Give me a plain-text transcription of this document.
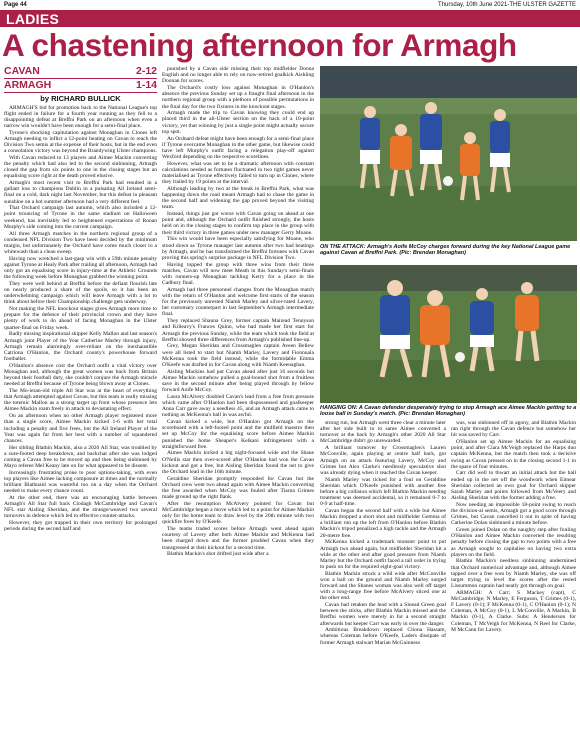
Page 44	Thursday, 10th June 2021-THE ULSTER GAZETTE
LADIES
A chastening afternoon for Armagh
CAVAN	2-12
ARMAGH	1-14
by RICHARD BULLICK

ARMAGH'S bid for promotion back to the National League's top flight ended in failure for a fourth year running as they fell to a disappointing defeat at Breffni Park on an afternoon when even a narrow win wouldn't have been enough for a semi-final place.

Tyrone's shocking capitulation against Monaghan in Clones left Armagh needing to inflict a 12-point beating on Cavan to reach the Division Two semis at the expense of their hosts, but in the end even a consolation victory was beyond the Brandywing Ulster champions.

With Cavan reduced to 13 players and Aimee Mackin converting the penalty which had also led to the second sinbinning, Armagh closed the gap from six points to one in the closing stages but an equalising score right at the death proved elusive.

Armagh's most recent visit to Breffni Park had resulted in a gallant loss to champions Dublin in a pulsating All Ireland semi-final on a cold, dark night last November, but this defeat in pleasant sunshine on a hot summer afternoon had a very different feel.

That Orchard campaign last autumn, which also included a 12-point trouncing of Tyrone in the same stadium on Halloween weekend, has inevitably led to heightened expectations of Ronan Murphy's side coming into the current campaign.

All three Armagh matches in the northern regional group of a condensed NFL Division Two have been decided by the minimum margin, but unfortunately the Orchard have come much closer to a whitewash than a clean sweep.

Having now wretched a last-gasp win with a 59th minute penalty against Tyrone at Healy Park after trailing all afternoon, Armagh had only got an equalising score in injury-time at the Athletic Grounds the following week before Monaghan grabbed the winning point.

They were well behind at Breffni before the defiant flourish late on nearly produced a share of the spoils, so it has been an underwhelming campaign which will leave Armagh with a lot to think about before their Championship challenge gets underway.

Not making the NFL knockout stages gives Armagh more time to prepare for the defence of their provincial crown and they have plenty of work to do ahead of facing Monaghan in the Ulster quarter-final on Friday week.

Badly missing inspirational skipper Kelly Mallon and last season's Armagh joint Player of the Year Catherine Marley through injury, Armagh remain alarmingly over-reliant on the inexhaustible Catríona O'Hanlon, the Orchard county's powerhouse forward footballer.

O'Hanlon's absence cost the Orchard outfit a vital victory over Monaghan and, although the great women was back from Britain beyond their football duty, she couldn't conjure the Armagh miracle needed at Breffni because of Tyrone being blown away at Clones.

The Mo-ieran-old triple All Star was at the heart of everything that Armagh attempted against Cavan, but this team is really missing the totemic Mallon as a strong target up front whose presence lets Aimee Mackin roam freely in attack to devastating effect.

On an afternoon when no other Armagh player registered more than a single score, Aimee Mackin kicked 1-6 with her total including a penalty and five frees, but the All Ireland Player of the Year was again far from her best with a number of squandered chances.

Her sibling Blathin Mackin, also a 2020 All Star, was troubled by a sure-footed deep breakdown, and backchat after she was lodged coming a Cavan free to be moved up and then being sinbinned by Mayo referee Mel Keany late on for what appeared to be dissent.

Increasingly frustrating prone to poor options-taking, with even top players like Aimee lacking composure at times and the normally brilliant Blathnaid was wasteful too on a day when the Orchard needed to make every chance count.

At the other end, there was an encouraging battle between Armagh's All Star full back Clodagh McCambridge and Cavan's NFL star Aisling Sheridan, and the strange/weaved two several turnovers in defence which led to effective counter-attacks.

However, they got trapped in their own territory for prolonged periods during the second half and

punished by a Cavan side missing their top midfielder Donna English and no longer able to rely on now-retired goalkick Aishling Doonan for scores.

The Orchard's costly loss against Monaghan in O'Hanlon's absence the previous Sunday set up a fraught final afternoon in the northern regional group with a plethora of possible permutations in the final day for the two fixtures in the knockout stages.

Armagh made the trip to Cavan knowing they could end up placed third in the all-Ulster section on the back of a 10-point victory, yet that winning by just a single point might actually secure top spot.

An Ordnard defeat might have been enough for a semi-final place if Tyrone overcame Monaghan in the other game, but likewise could have left Murphy's outfit facing a relegation play-off against Wexford depending on the respective scorelines.

However, what was set to be a dramatic afternoon with constant calculations needed as fortunes fluctuated in two tight games never materialised as Tyrone effectively failed to turn up in Clones, where they trailed by 19 points at the interval.

Although leading by two at the break in Breffni Park, what was happening down the road meant Armagh had to chase the game in the second half and widening the gap proved beyond the visiting team.

Instead, things just got worse with Cavan going on ahead at one point and, although the Orchard outfit finished strongly, the hosts held on in the closing stages to confirm top place in the group with their third victory in three games under new manager Gerry Moane.

This win would have been especially satisfying for Moane, who stood down as Tyrone manager last autumn after two bad beatings by Armagh, and he has transformed the Breffni fortunes with Cavan proving this spring's surprise package in NFL Division Two.

Having topped the group with three wins from their three matches, Cavan will now meet Meath in this Sunday's semi-finals with runners-up Monaghan tackling Kerry for a place in the Cadbury final.

Armagh had three personnel changes from the Monaghan match with the return of O'Hanlon and welcome first starts of the season for the previously unrested Niamh Marley and silver-rated Lavery, her customary counterpart in last September's Armagh intermediate final.

They replaced Shauna Grey, former captain Mairead Tennyson and Killeavy's Frances Quinn, who had made her first start for Armagh the previous Sunday, while the team which took the field at Breffni showed three differences from Armagh's published line-up.

Grey, Megan Sheridan and Crossmaglen captain Aveen Bellew were all listed to start but Niamh Marley, Lavery and Fionnuala McKenna took the field instead, while the formidable Emma O'Keefe was drafted in for Cavan along with Niamh Keenaghan.

Aisling Mackins had put Cavan ahead after just 16 seconds but Aimee Mackin somehow pulled a goal-bound shot from a fruitless save in the second minute after being played through by fellow forward Aoife McCoy.

Laura McAlvery doubled Cavan's lead from a free from pressure which came after O'Hanlon had been dispossessed and goalkeeper Anna Carr gave away a needless 45, and an Armagh attack came to nothing as McKenna's ball in was awful.

Cavan kicked a wide, but O'Hanlon got Armagh on the scoreboard with a left-footed point and the midfield maestro then set up McCoy for the equalising score before Aimee Mackin punished the home Sheaper's Kelkani infringement with a straightforward free.

Aimee Mackin kicked a big night-focused wide and the Shane O'Neills star then over-scored after O'Hanlon had won the Cavan kickout and got a free, but Aisling Sheridan found the net to give the Orchard lead in the 16th minute.

Geraldine Sheridan promptly responded for Cavan but the Orchard crew went two ahead again with Aimee Mackin converting the free awarded when McCoy was fouled after Tiarna Grimes made ground up the right flank.

After the resumption McAlvery pointed for Cavan but McCambridge began a move which led to a point for Aimee Mackin only for the home team to draw level by the 20th minute with two quickfire frees by O'Keefe.

The teams traded scores before Armagh went ahead again courtesy of Lavery after both Aimee Mackin and McKenna had been charged down and the former prodded Cavan when they transgressed at their kickout for a second time.

Blathin Mackin's shot drifted just wide after a

strong run, but Armagh went three clear a minute later after her side built to to same Aimee converted a turnover at the back by Armagh's other 2020 All Star McCambridge didn't go unrewarded.

A brilliant turnover by Crossmaglen's Lauren McConville, again playing at centre half back, got Armagh on an attack featuring Lavery, McCoy and Grimes but Alex Clarke's needlessly speculative shot was already dying when it reached the Cavan keeper.

Niamh Marley was ticked for a foul on Geraldine Sheridan which O'Keefe punished with another free before a big collision which left Blathin Mackin needing treatment was deemed accidental, so it remained 0-7 to 0-9 at half-time.

Cavan began the second half with a wide but Aimee Mackin dropped a short shot and midfielder Gemma of a brilliant run up the left from O'Hanlon before Blathin Mackin's tripod penalized a high tackle and the Armagh 20-metre free.

McKenna kicked a trademark monster point to put Armagh two ahead again, but midfielder Sheridan hit a wide at the other end after good pressure from Niamh Marley but the Orchard outfit faced a tall order in trying to push on for the required eight-goal victory.

Blathin Mackin struck a wild wide after McConville won a ball on the ground and Niamh Marley surged forward and the Shanes woman was also well off target with a long-range free before McAlvery sliced one at the other end.

Cavan had retaken the lead with a Sinead Green goal between the sticks, after Blathin Mackin missed and the Breffni women were merely in for a second straight afterwards but keeper Carr was early in over the danger.

Ambitious Breakdown replaced Cliona Hassam, whereas Coleman before O'Keefe, Laders dissipate of former Armagh stalwart Marian McGuinness

was, was sinbinned off in agony, and Blathin Mackin ran right through the Cavan defence but somehow her hit was saved by Carr.

O'Hanlon set up Aimee Mackin for an equalising point, and after Ciara McVeigh replaced the Harps duo captain McKenna, but the match then took a decisive swing as Cavan pressed on in the closing second 1-1 in the space of four minutes.

Carr did well to thwart an initial attack but the ball ended up in the net off the woodwork when Eimear Sheridan collected an own goal for Orchard skipper Sarah Marley and points followed from McVeery and Aisling Sheridan with the former adding a free.

Now needing an impossible 18-point swing to reach the division-al semis, Armagh got a good score through Grimes, but Cavan cancelled it out in spite of having Catherine Dolan sinbinned a minute before.

Green joined Dolan on the naughty step after fouling O'Hanlon and Aimee Mackin converted the resulting penalty before closing the gap to two points with a free as Armagh sought to capitalise on having two extra players on the field.

Blathin Mackin's needless sinbinning undermined that Orchard numerical advantage and, although Aimee tapped over a free won by Niamh Marley, she was off target trying to level the scores after the rested Lissummon captain had neatly got through on goal.

ARMAGH: A Carr; S Mackey (capt), C McCambridge; N Marley, E Ferguson, T Grimes (0-1), F Lavery (0-1); F McKenna (0-1), C O'Hanlon (0-1); N Coleman, A McCoy (0-1), L McConville, A Mackin, B Mackin (0-1), A Clarke. Subs: A Henderson for Coleman, T McVeigh for McKenna, N Reel for Clarke, M McCann for Lavery.

ON THE ATTACK: Armagh's Aoife McCoy charges forward during the key National League game against Cavan at Breffni Park. (Pic: Brendan Monaghan)
HANGING ON: A Cavan defender desperately trying to stop Armagh ace Aimee Mackin getting to a loose ball in Sunday's match. (Pic: Brendan Monaghan)
